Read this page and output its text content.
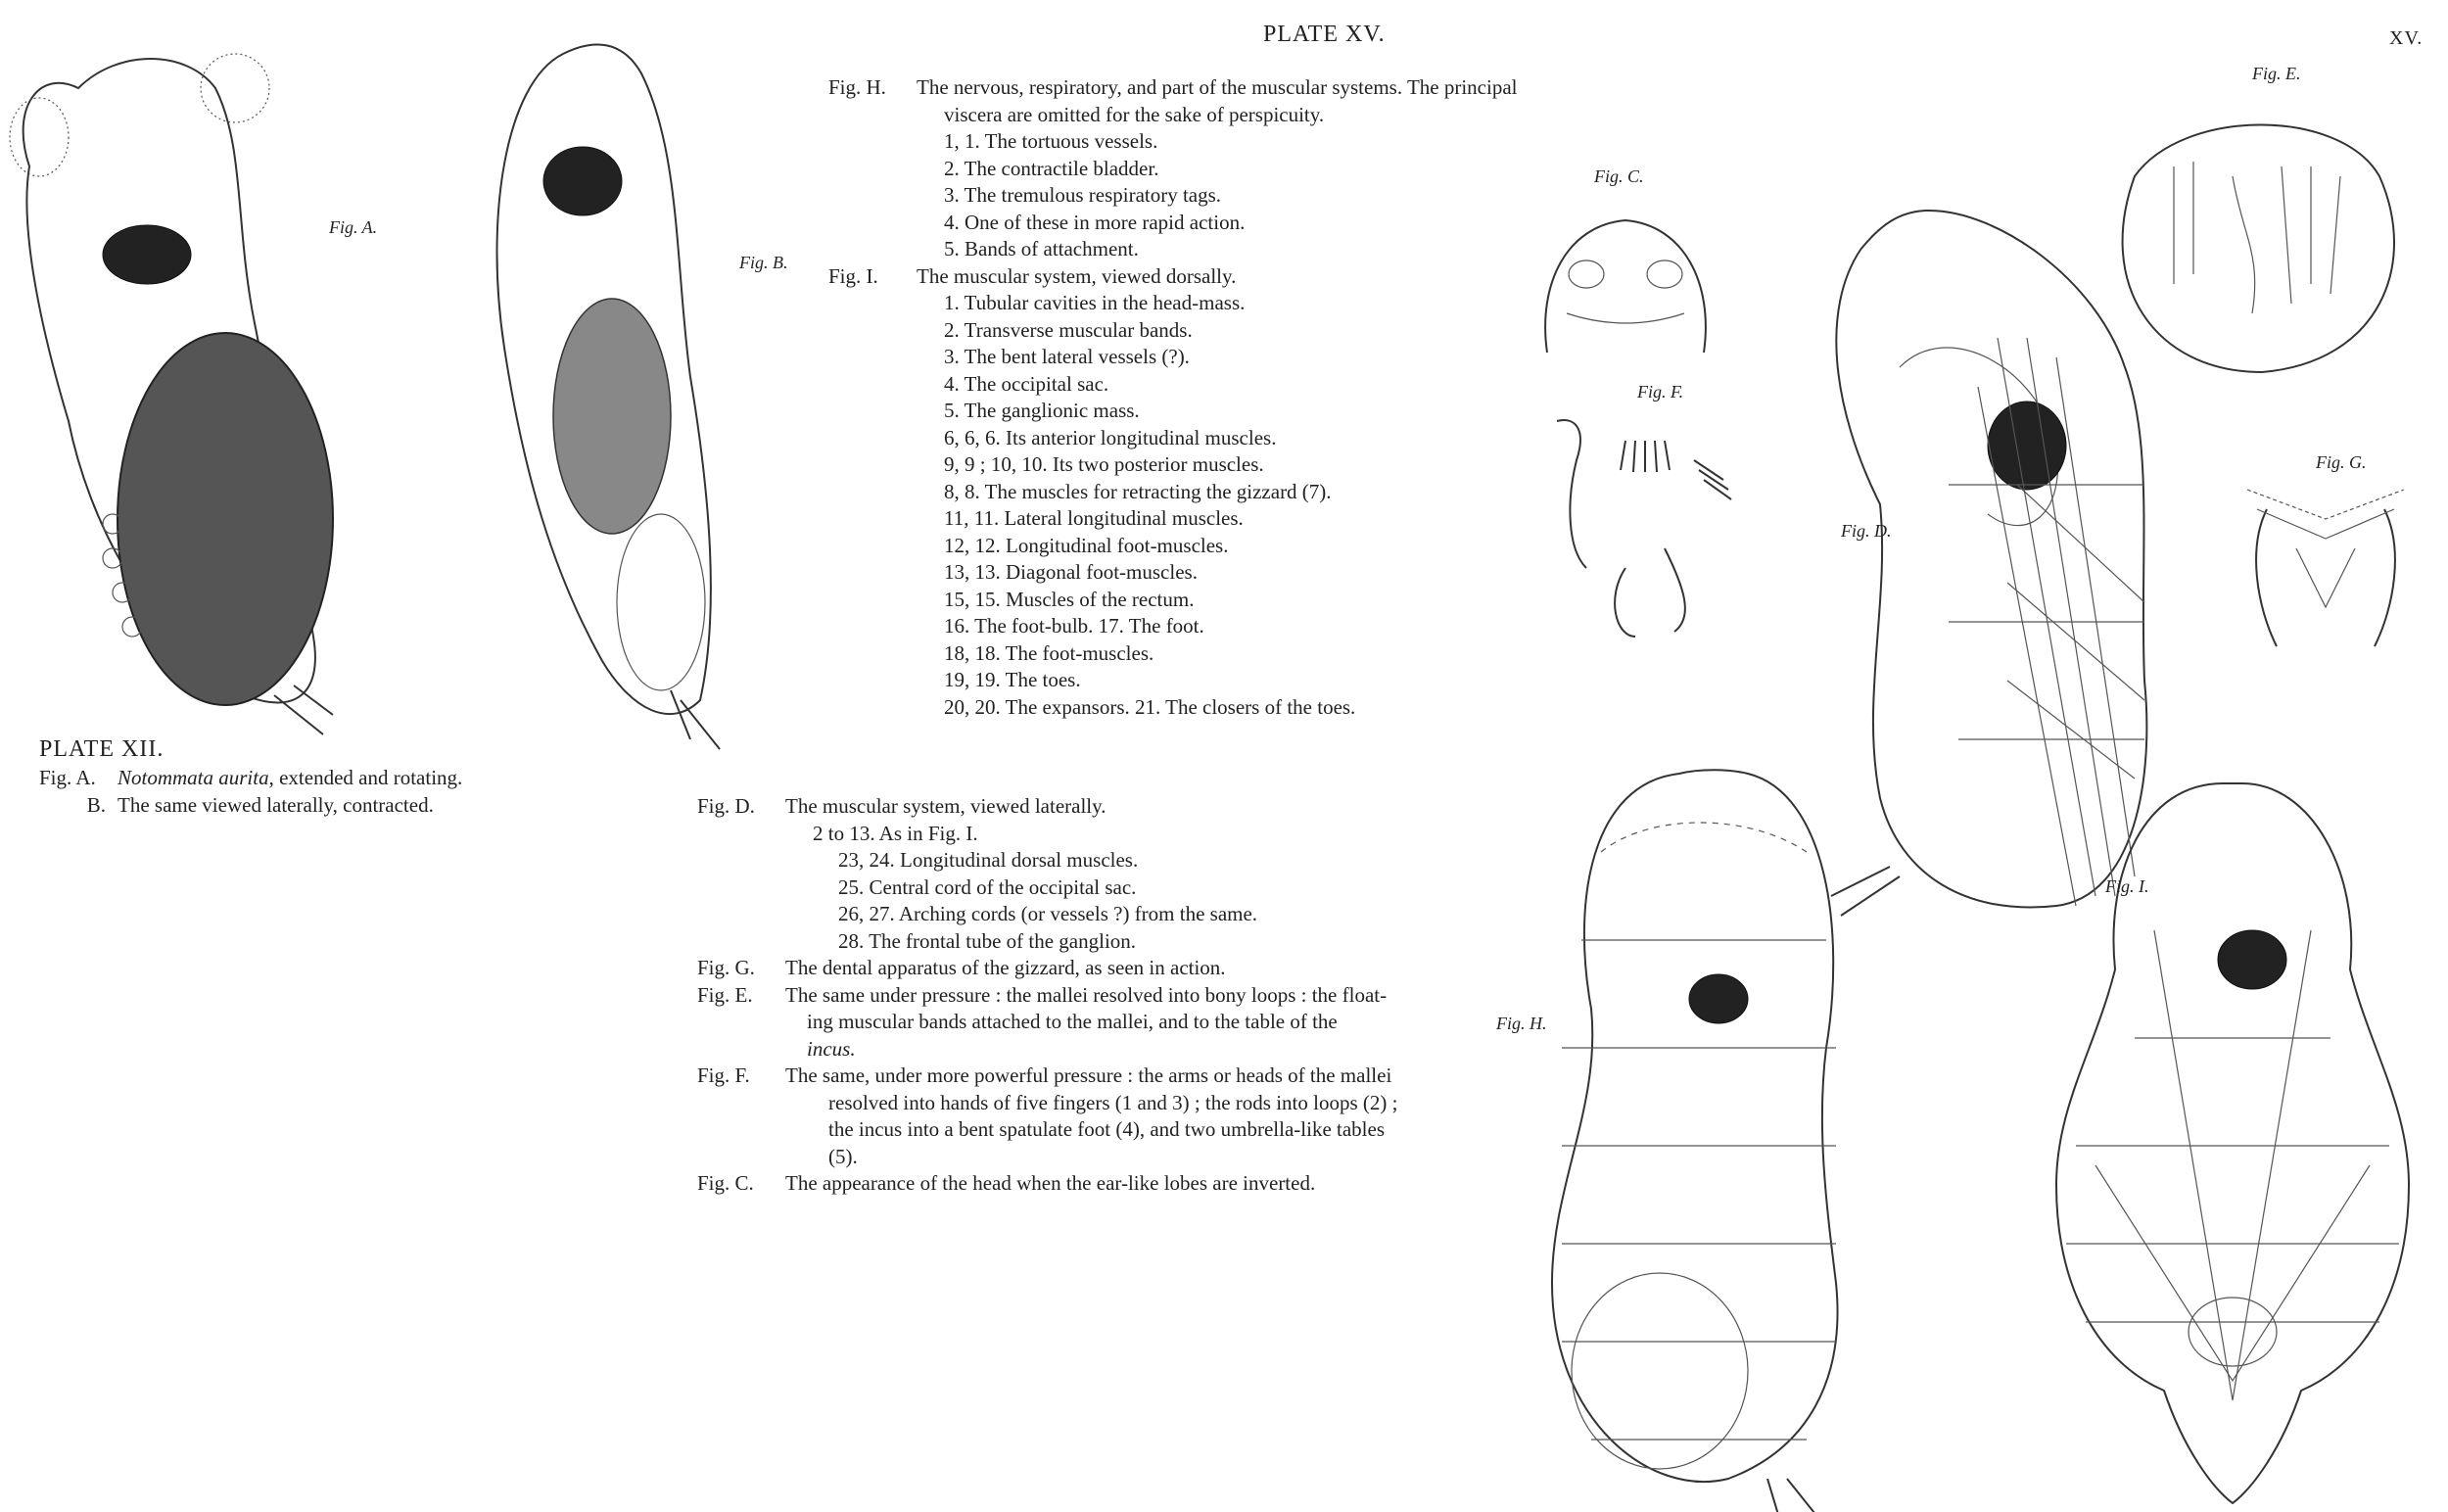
Fig. A.
Fig. B.
Fig. C.
Fig. F.
Fig. D.
Fig. E.
Fig. G.
Fig. H.
Fig. I.
PLATE XII.
Fig. A.	Notommata aurita, extended and rotating.
B. The same viewed laterally, contracted.
PLATE XV.	XV.
Fig. H.	The nervous, respiratory, and part of the muscular systems. The principal
viscera are omitted for the sake of perspicuity.
1, 1. The tortuous vessels.
2. The contractile bladder.
3. The tremulous respiratory tags.
4. One of these in more rapid action.
5. Bands of attachment.
Fig. I.	The muscular system, viewed dorsally.
1. Tubular cavities in the head-mass.
2. Transverse muscular bands.
3. The bent lateral vessels (?).
4. The occipital sac.
5. The ganglionic mass.
6, 6, 6. Its anterior longitudinal muscles.
9, 9 ; 10, 10. Its two posterior muscles.
8, 8. The muscles for retracting the gizzard (7).
11, 11. Lateral longitudinal muscles.
12, 12. Longitudinal foot-muscles.
13, 13. Diagonal foot-muscles.
15, 15. Muscles of the rectum.
16. The foot-bulb. 17. The foot.
18, 18. The foot-muscles.
19, 19. The toes.
20, 20. The expansors. 21. The closers of the toes.
Fig. D.	The muscular system, viewed laterally.
2 to 13. As in Fig. I.
23, 24. Longitudinal dorsal muscles.
25. Central cord of the occipital sac.
26, 27. Arching cords (or vessels ?) from the same.
28. The frontal tube of the ganglion.
Fig. G.	The dental apparatus of the gizzard, as seen in action.
Fig. E.	The same under pressure : the mallei resolved into bony loops : the float-
ing muscular bands attached to the mallei, and to the table of the
incus.
Fig. F.	The same, under more powerful pressure : the arms or heads of the mallei
resolved into hands of five fingers (1 and 3) ; the rods into loops (2) ;
the incus into a bent spatulate foot (4), and two umbrella-like tables
(5).
Fig. C.	The appearance of the head when the ear-like lobes are inverted.
